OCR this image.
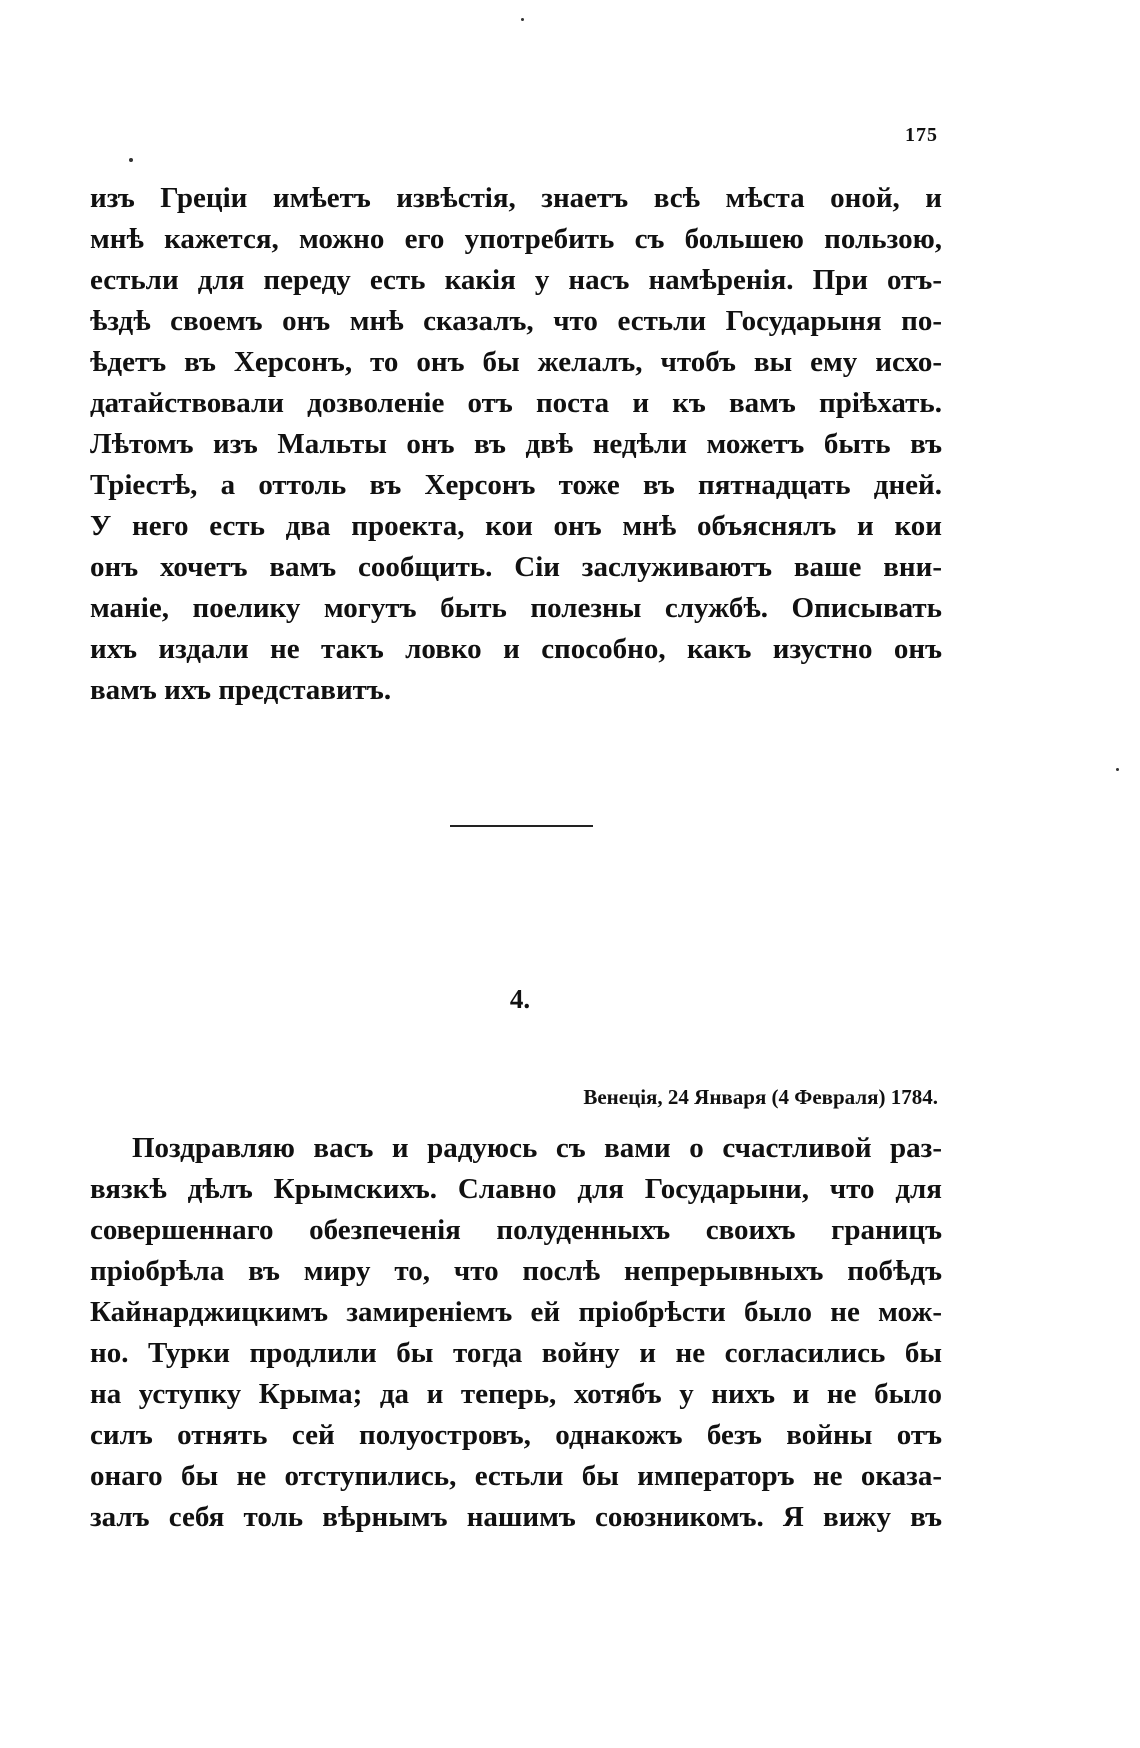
175
изъ Греціи имѣетъ извѣстія, знаетъ всѣ мѣста оной, и
мнѣ кажется, можно его употребить съ большею пользою,
естьли для переду есть какія у насъ намѣренія. При отъ-
ѣздѣ своемъ онъ мнѣ сказалъ, что естьли Государыня по-
ѣдетъ въ Херсонъ, то онъ бы желалъ, чтобъ вы ему исхо-
датайствовали дозволеніе отъ поста и къ вамъ пріѣхать.
Лѣтомъ изъ Мальты онъ въ двѣ недѣли можетъ быть въ
Тріестѣ, а оттоль въ Херсонъ тоже въ пятнадцать дней.
У него есть два проекта, кои онъ мнѣ объяснялъ и кои
онъ хочетъ вамъ сообщить. Сіи заслуживаютъ ваше вни-
маніе, поелику могутъ быть полезны службѣ. Описывать
ихъ издали не такъ ловко и способно, какъ изустно онъ
вамъ ихъ представитъ.
4.
Венеція, 24 Января (4 Февраля) 1784.
Поздравляю васъ и радуюсь съ вами о счастливой раз-
вязкѣ дѣлъ Крымскихъ. Славно для Государыни, что для
совершеннаго обезпеченія полуденныхъ своихъ границъ
пріобрѣла въ миру то, что послѣ непрерывныхъ побѣдъ
Кайнарджицкимъ замиреніемъ ей пріобрѣсти было не мож-
но. Турки продлили бы тогда войну и не согласились бы
на уступку Крыма; да и теперь, хотябъ у нихъ и не было
силъ отнять сей полуостровъ, однакожъ безъ войны отъ
онаго бы не отступились, естьли бы императоръ не оказа-
залъ себя толь вѣрнымъ нашимъ союзникомъ. Я вижу въ
